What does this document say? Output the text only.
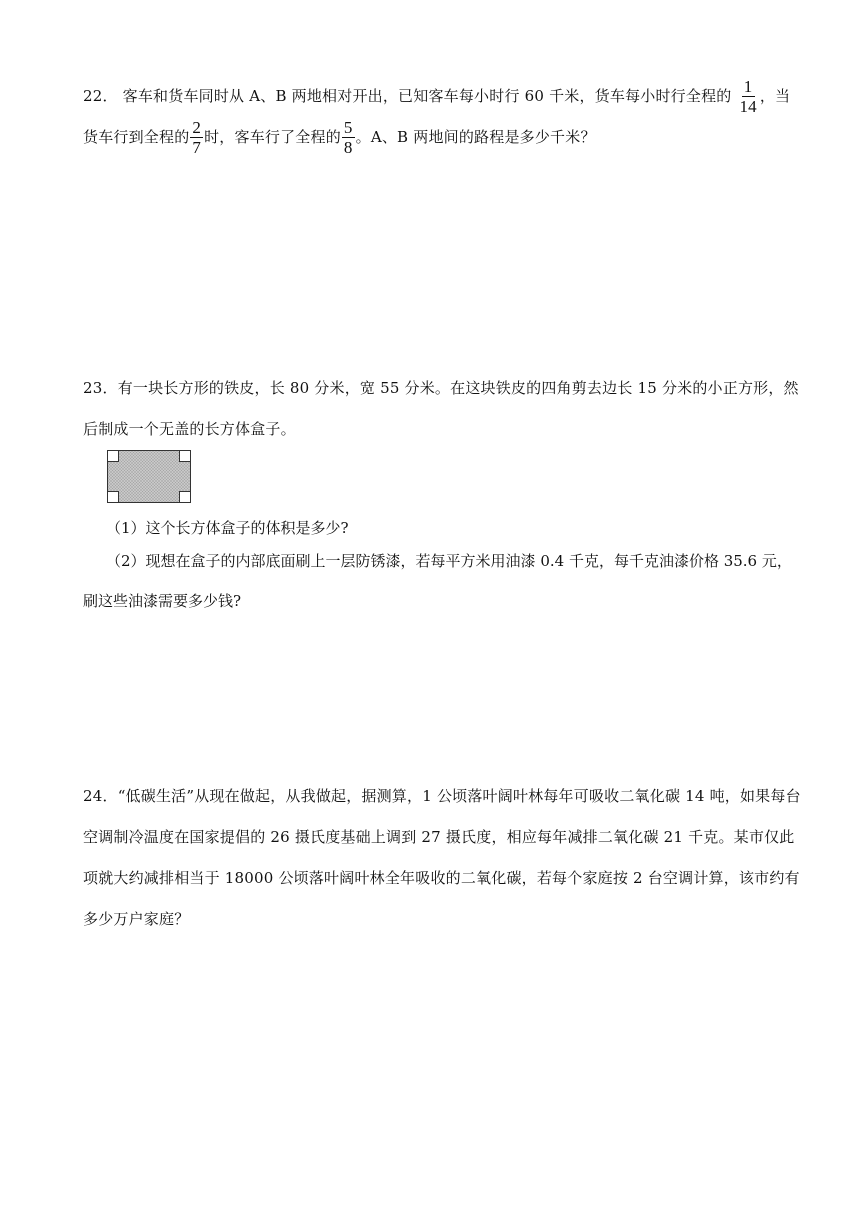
22． 客车和货车同时从 A、B 两地相对开出，已知客车每小时行 60 千米，货车每小时行全程的 $\frac{1}{14}$ ，当
货车行到全程的 $\frac{2}{7}$ 时，客车行了全程的 $\frac{5}{8}$ 。A、B 两地间的路程是多少千米？
23．有一块长方形的铁皮，长 80 分米，宽 55 分米。在这块铁皮的四角剪去边长 15 分米的小正方形，然
后制成一个无盖的长方体盒子。
（1）这个长方体盒子的体积是多少?
（2）现想在盒子的内部底面刷上一层防锈漆，若每平方米用油漆 0.4 千克，每千克油漆价格 35.6 元，
刷这些油漆需要多少钱?
24．“低碳生活”从现在做起，从我做起，据测算，1 公顷落叶阔叶林每年可吸收二氧化碳 14 吨，如果每台
空调制冷温度在国家提倡的 26 摄氏度基础上调到 27 摄氏度，相应每年减排二氧化碳 21 千克。某市仅此
项就大约减排相当于 18000 公顷落叶阔叶林全年吸收的二氧化碳，若每个家庭按 2 台空调计算，该市约有
多少万户家庭？
